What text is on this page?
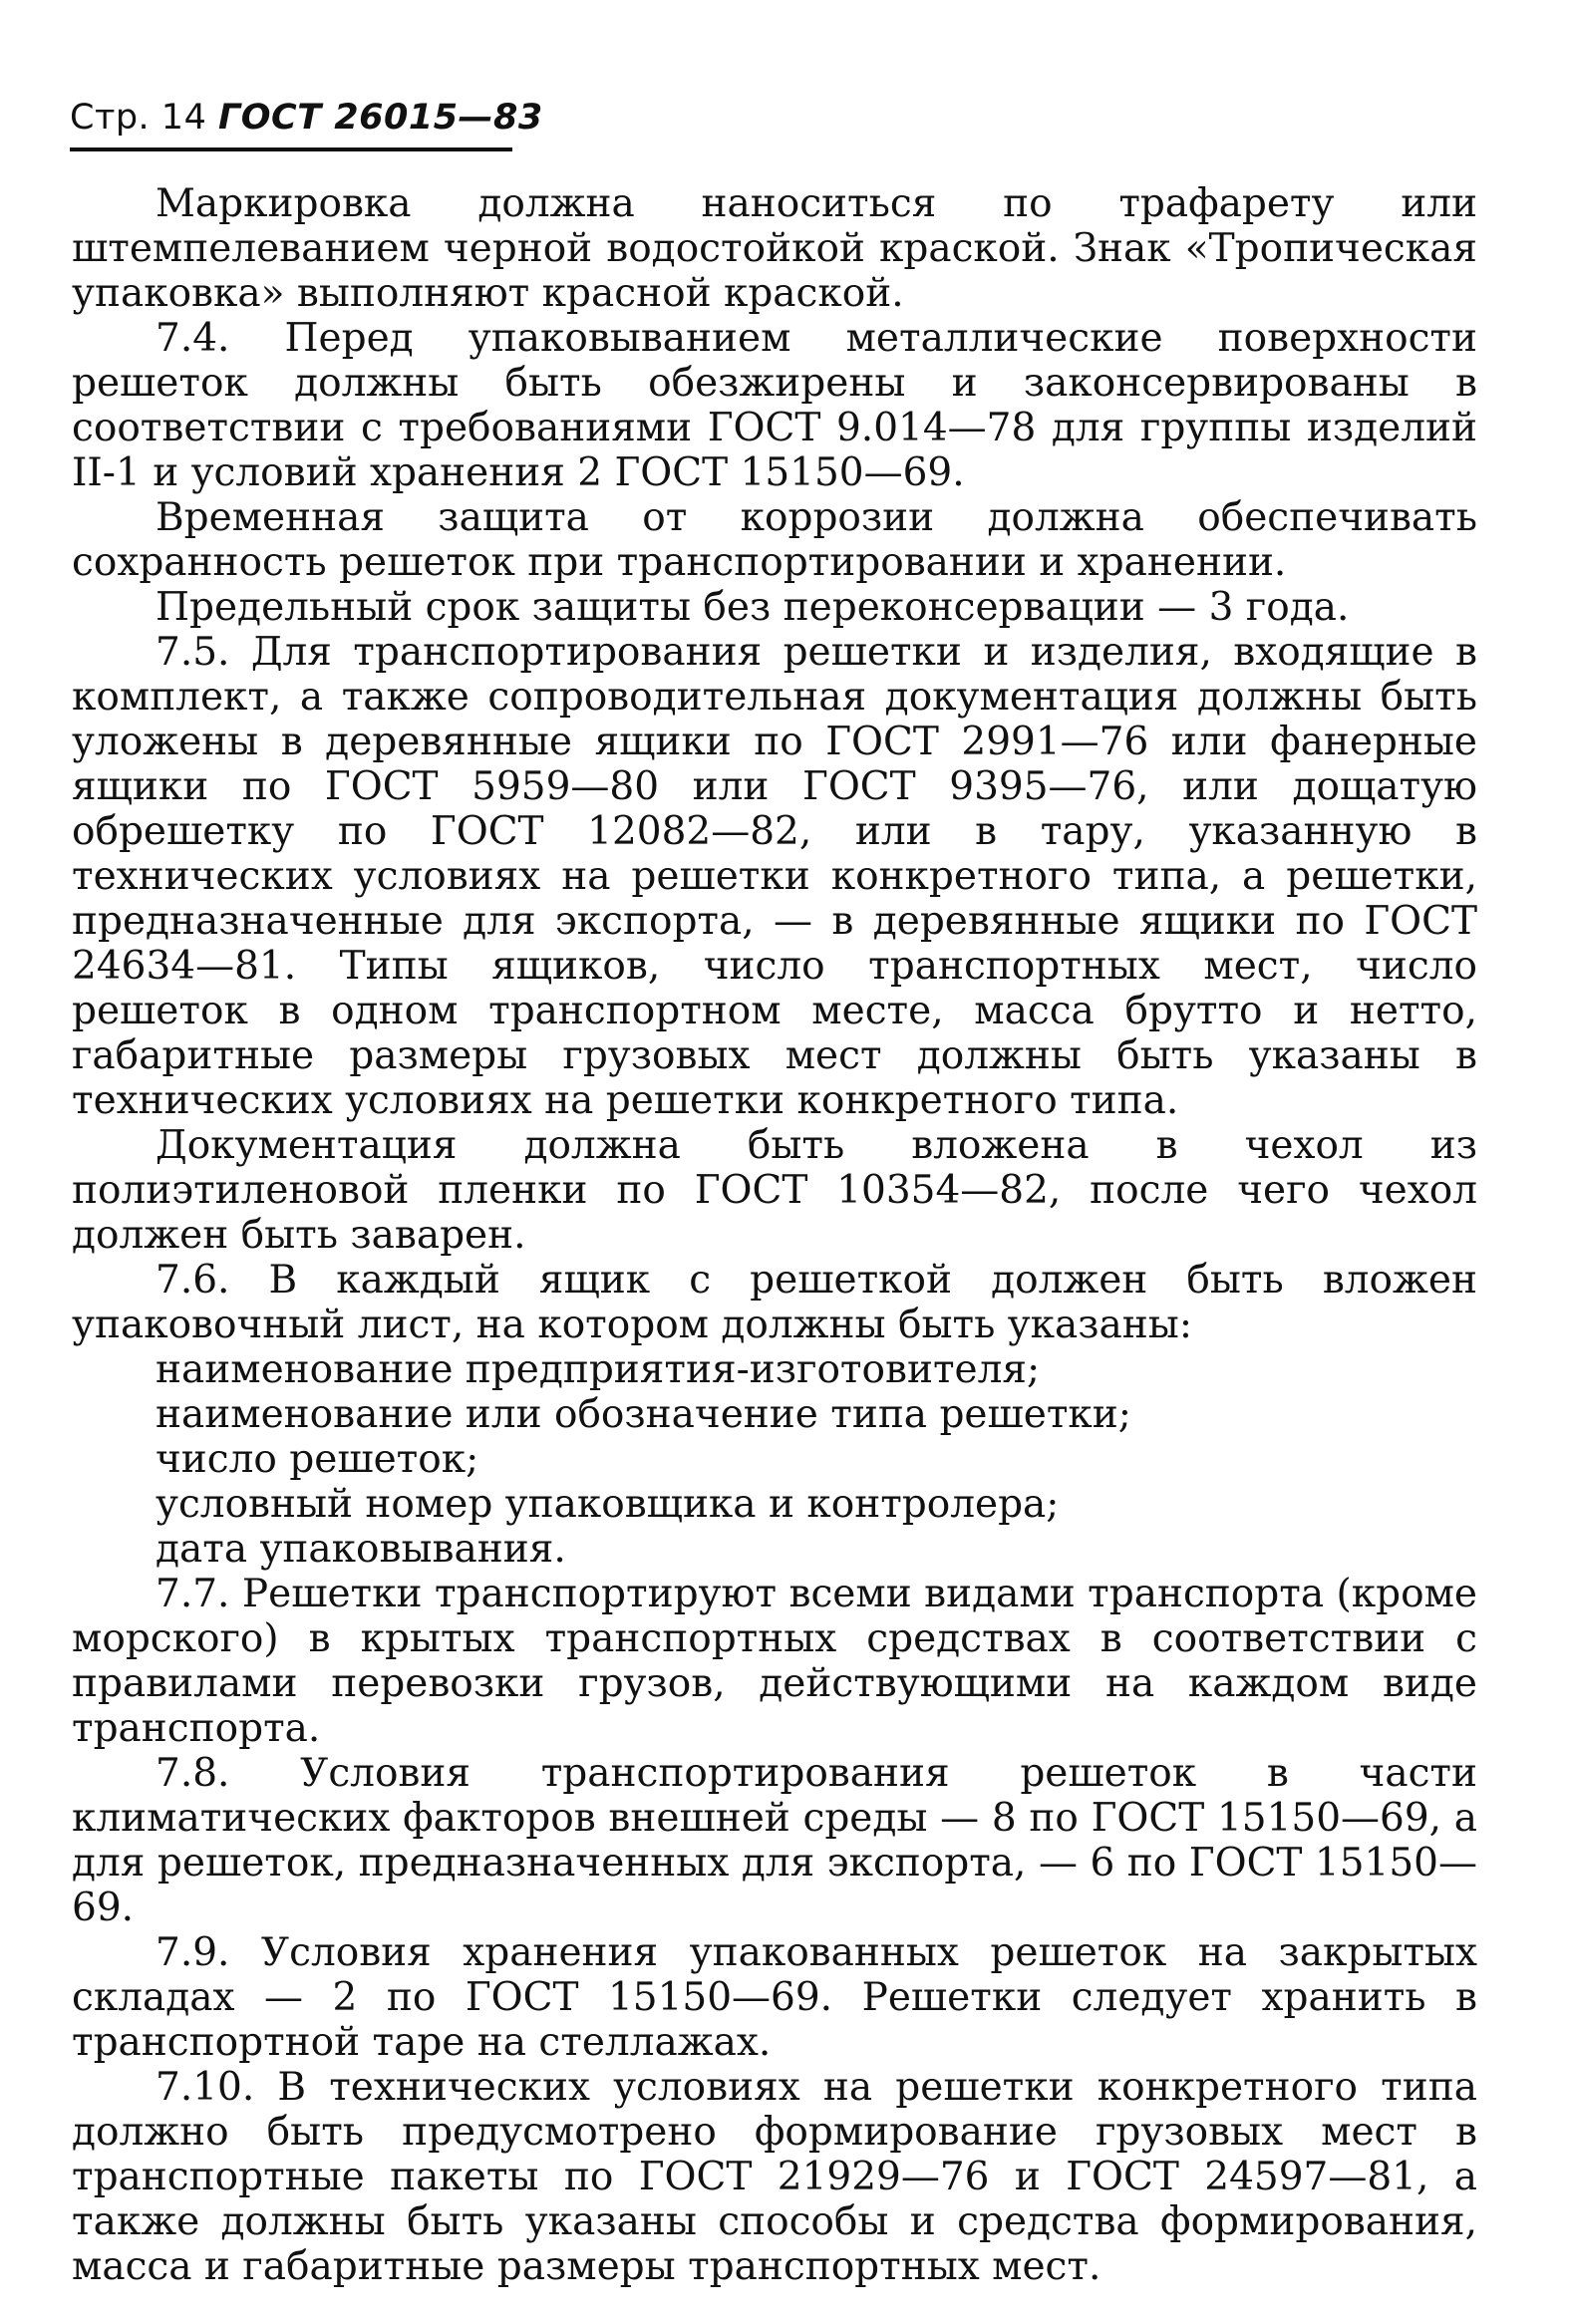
Стр. 14 ГОСТ 26015—83

Маркировка должна наноситься по трафарету или штемпелеванием черной водостойкой краской. Знак «Тропическая упаковка» выполняют красной краской.

7.4. Перед упаковыванием металлические поверхности решеток должны быть обезжирены и законсервированы в соответствии с требованиями ГОСТ 9.014—78 для группы изделий II-1 и условий хранения 2 ГОСТ 15150—69.

Временная защита от коррозии должна обеспечивать сохранность решеток при транспортировании и хранении.

Предельный срок защиты без переконсервации — 3 года.

7.5. Для транспортирования решетки и изделия, входящие в комплект, а также сопроводительная документация должны быть уложены в деревянные ящики по ГОСТ 2991—76 или фанерные ящики по ГОСТ 5959—80 или ГОСТ 9395—76, или дощатую обрешетку по ГОСТ 12082—82, или в тару, указанную в технических условиях на решетки конкретного типа, а решетки, предназначенные для экспорта, — в деревянные ящики по ГОСТ 24634—81. Типы ящиков, число транспортных мест, число решеток в одном транспортном месте, масса брутто и нетто, габаритные размеры грузовых мест должны быть указаны в технических условиях на решетки конкретного типа.

Документация должна быть вложена в чехол из полиэтиленовой пленки по ГОСТ 10354—82, после чего чехол должен быть заварен.

7.6. В каждый ящик с решеткой должен быть вложен упаковочный лист, на котором должны быть указаны:

наименование предприятия-изготовителя;

наименование или обозначение типа решетки;

число решеток;

условный номер упаковщика и контролера;

дата упаковывания.

7.7. Решетки транспортируют всеми видами транспорта (кроме морского) в крытых транспортных средствах в соответствии с правилами перевозки грузов, действующими на каждом виде транспорта.

7.8. Условия транспортирования решеток в части климатических факторов внешней среды — 8 по ГОСТ 15150—69, а для решеток, предназначенных для экспорта, — 6 по ГОСТ 15150—69.

7.9. Условия хранения упакованных решеток на закрытых складах — 2 по ГОСТ 15150—69. Решетки следует хранить в транспортной таре на стеллажах.

7.10. В технических условиях на решетки конкретного типа должно быть предусмотрено формирование грузовых мест в транспортные пакеты по ГОСТ 21929—76 и ГОСТ 24597—81, а также должны быть указаны способы и средства формирования, масса и габаритные размеры транспортных мест.
